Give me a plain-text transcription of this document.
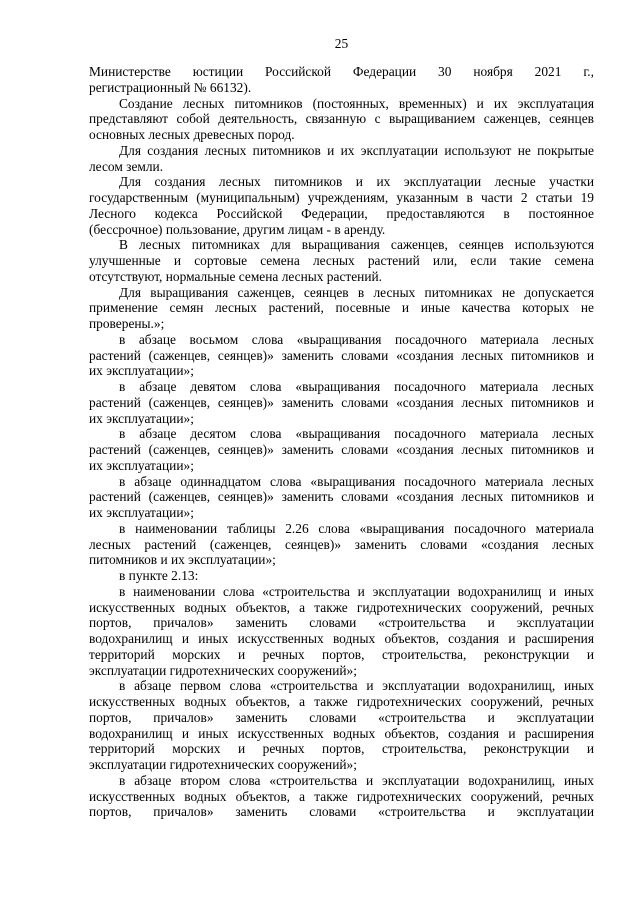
25
Министерстве юстиции Российской Федерации 30 ноября 2021 г.,
регистрационный № 66132).
Создание лесных питомников (постоянных, временных) и их эксплуатация
представляют собой деятельность, связанную с выращиванием саженцев, сеянцев
основных лесных древесных пород.
Для создания лесных питомников и их эксплуатации используют не покрытые
лесом земли.
Для создания лесных питомников и их эксплуатации лесные участки
государственным (муниципальным) учреждениям, указанным в части 2 статьи 19
Лесного кодекса Российской Федерации, предоставляются в постоянное
(бессрочное) пользование, другим лицам - в аренду.
В лесных питомниках для выращивания саженцев, сеянцев используются
улучшенные и сортовые семена лесных растений или, если такие семена
отсутствуют, нормальные семена лесных растений.
Для выращивания саженцев, сеянцев в лесных питомниках не допускается
применение семян лесных растений, посевные и иные качества которых не
проверены.»;
в абзаце восьмом слова «выращивания посадочного материала лесных
растений (саженцев, сеянцев)» заменить словами «создания лесных питомников и
их эксплуатации»;
в абзаце девятом слова «выращивания посадочного материала лесных
растений (саженцев, сеянцев)» заменить словами «создания лесных питомников и
их эксплуатации»;
в абзаце десятом слова «выращивания посадочного материала лесных
растений (саженцев, сеянцев)» заменить словами «создания лесных питомников и
их эксплуатации»;
в абзаце одиннадцатом слова «выращивания посадочного материала лесных
растений (саженцев, сеянцев)» заменить словами «создания лесных питомников и
их эксплуатации»;
в наименовании таблицы 2.26 слова «выращивания посадочного материала
лесных растений (саженцев, сеянцев)» заменить словами «создания лесных
питомников и их эксплуатации»;
в пункте 2.13:
в наименовании слова «строительства и эксплуатации водохранилищ и иных
искусственных водных объектов, а также гидротехнических сооружений, речных
портов, причалов» заменить словами «строительства и эксплуатации
водохранилищ и иных искусственных водных объектов, создания и расширения
территорий морских и речных портов, строительства, реконструкции и
эксплуатации гидротехнических сооружений»;
в абзаце первом слова «строительства и эксплуатации водохранилищ, иных
искусственных водных объектов, а также гидротехнических сооружений, речных
портов, причалов» заменить словами «строительства и эксплуатации
водохранилищ и иных искусственных водных объектов, создания и расширения
территорий морских и речных портов, строительства, реконструкции и
эксплуатации гидротехнических сооружений»;
в абзаце втором слова «строительства и эксплуатации водохранилищ, иных
искусственных водных объектов, а также гидротехнических сооружений, речных
портов, причалов» заменить словами «строительства и эксплуатации
